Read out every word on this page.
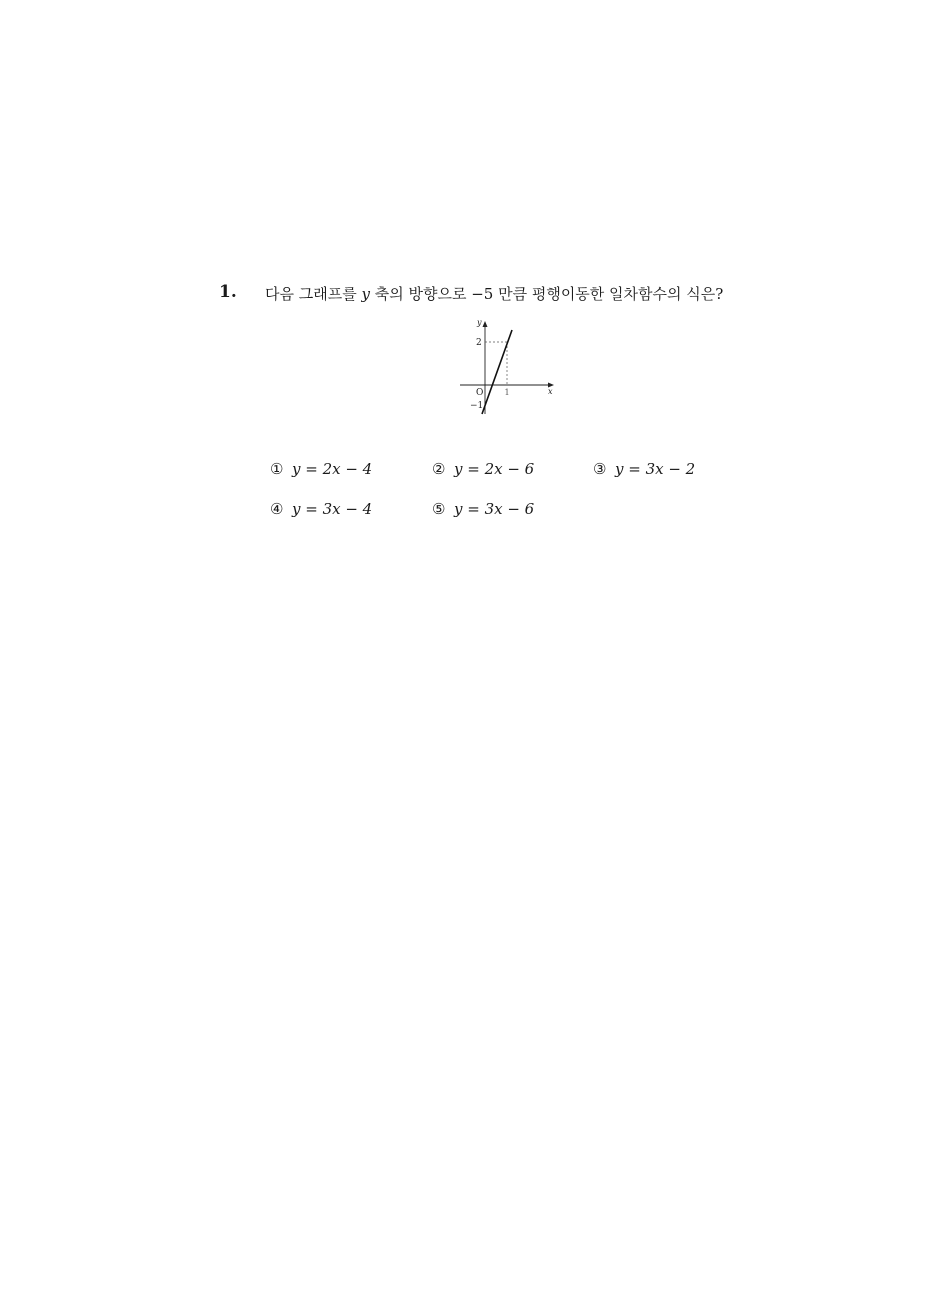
1. 다음 그래프를 y 축의 방향으로 −5 만큼 평행이동한 일차함수의 식은?
y
x
O
2
−1
1
① y = 2x − 4	② y = 2x − 6	③ y = 3x − 2
④ y = 3x − 4	⑤ y = 3x − 6
